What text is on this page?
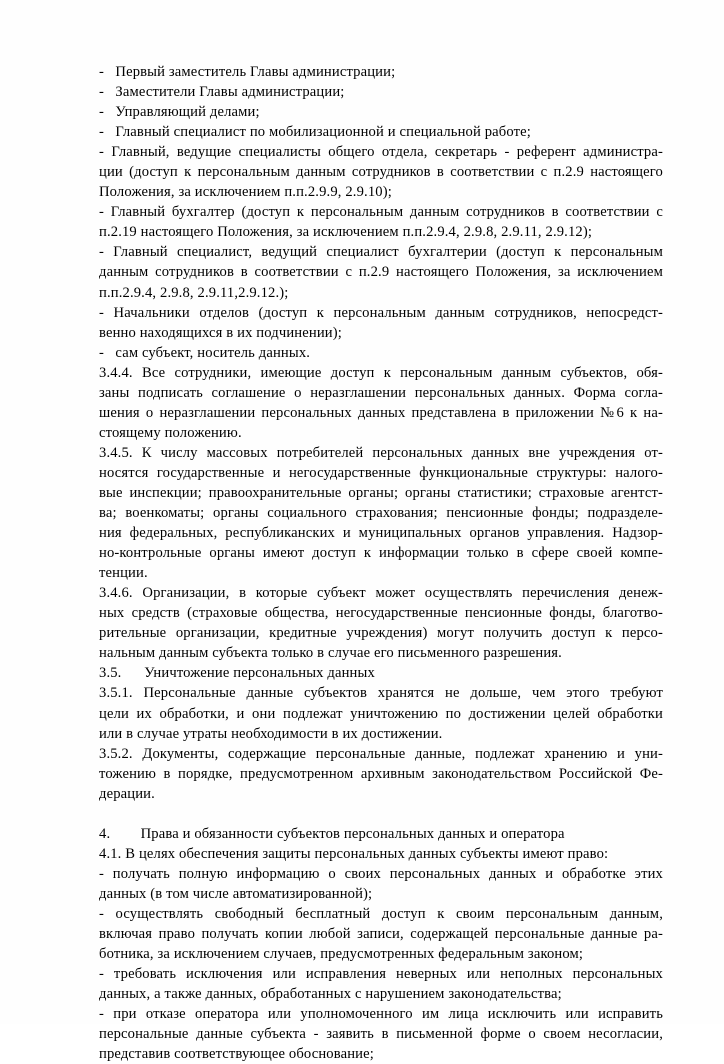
-   Первый заместитель Главы администрации;

-   Заместители Главы администрации;

-   Управляющий делами;

-   Главный специалист по мобилизационной и специальной работе;

- Главный, ведущие специалисты общего отдела, секретарь - референт администра-

ции (доступ к персональным данным сотрудников в соответствии с п.2.9 настоящего

Положения, за исключением п.п.2.9.9, 2.9.10);

- Главный бухгалтер (доступ к персональным данным сотрудников в соответствии с

п.2.19 настоящего Положения, за исключением п.п.2.9.4, 2.9.8, 2.9.11, 2.9.12);

- Главный специалист, ведущий специалист бухгалтерии (доступ к персональным

данным сотрудников в соответствии с п.2.9 настоящего Положения, за исключением

п.п.2.9.4, 2.9.8, 2.9.11,2.9.12.);

- Начальники отделов (доступ к персональным данным сотрудников, непосредст-

венно находящихся в их подчинении);

-   сам субъект, носитель данных.

3.4.4. Все сотрудники, имеющие доступ к персональным данным субъектов, обя-

заны подписать соглашение о неразглашении персональных данных. Форма согла-

шения о неразглашении персональных данных представлена в приложении №6 к на-

стоящему положению.

3.4.5. К числу массовых потребителей персональных данных вне учреждения от-

носятся государственные и негосударственные функциональные структуры: налого-

вые инспекции; правоохранительные органы; органы статистики; страховые агентст-

ва; военкоматы; органы социального страхования; пенсионные фонды; подразделе-

ния федеральных, республиканских и муниципальных органов управления. Надзор-

но-контрольные органы имеют доступ к информации только в сфере своей компе-

тенции.

3.4.6. Организации, в которые субъект может осуществлять перечисления денеж-

ных средств (страховые общества, негосударственные пенсионные фонды, благотво-

рительные организации, кредитные учреждения) могут получить доступ к персо-

нальным данным субъекта только в случае его письменного разрешения.

3.5.      Уничтожение персональных данных

3.5.1. Персональные данные субъектов хранятся не дольше, чем этого требуют

цели их обработки, и они подлежат уничтожению по достижении целей обработки

или в случае утраты необходимости в их достижении.

3.5.2. Документы, содержащие персональные данные, подлежат хранению и уни-

тожению в порядке, предусмотренном архивным законодательством Российской Фе-

дерации.

4.        Права и обязанности субъектов персональных данных и оператора

4.1. В целях обеспечения защиты персональных данных субъекты имеют право:

- получать полную информацию о своих персональных данных и обработке этих

данных (в том числе автоматизированной);

- осуществлять свободный бесплатный доступ к своим персональным данным,

включая право получать копии любой записи, содержащей персональные данные ра-

ботника, за исключением случаев, предусмотренных федеральным законом;

- требовать исключения или исправления неверных или неполных персональных

данных, а также данных, обработанных с нарушением законодательства;

- при отказе оператора или уполномоченного им лица исключить или исправить

персональные данные субъекта - заявить в письменной форме о своем несогласии,

представив соответствующее обоснование;
